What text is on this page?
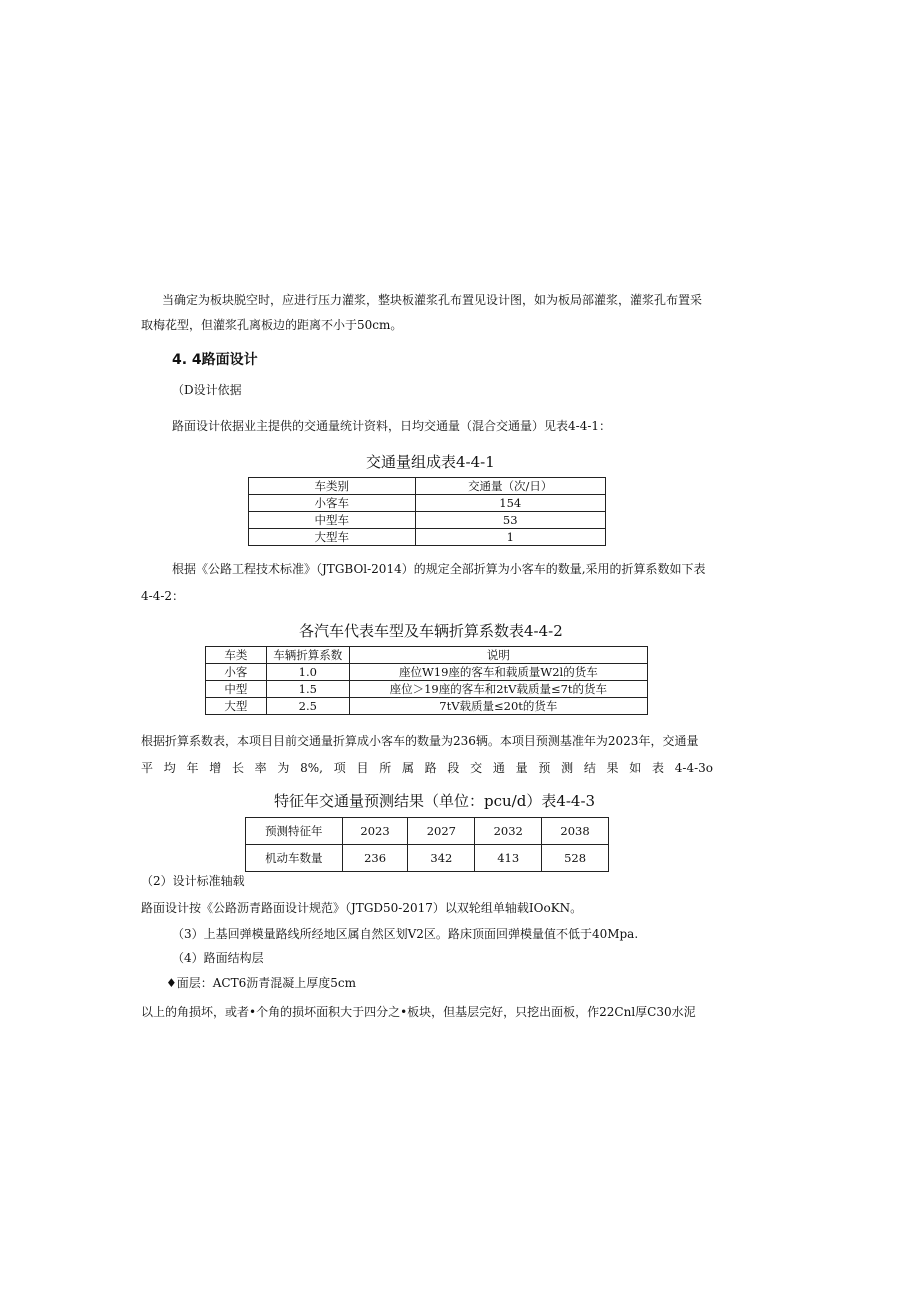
当确定为板块脱空时，应进行压力灌浆，整块板灌浆孔布置见设计图，如为板局部灌浆，灌浆孔布置采
取梅花型，但灌浆孔离板边的距离不小于50cm。
4. 4路面设计
（D设计依据
路面设计依据业主提供的交通量统计资料，日均交通量（混合交通量）见表4-4-1：
交通量组成表4-4-1
车类别	交通量（次/日）
小客车	154
中型车	53
大型车	1
根据《公路工程技术标准》（JTGBOl-2014）的规定全部折算为小客车的数量,采用的折算系数如下表
4-4-2：
各汽车代表车型及车辆折算系数表4-4-2
车类	车辆折算系数	说明
小客	1.0	座位W19座的客车和载质量W2l的货车
中型	1.5	座位＞19座的客车和2tV载质量≤7t的货车
大型	2.5	7tV载质量≤20t的货车
根据折算系数表，本项目目前交通量折算成小客车的数量为236辆。本项目预测基准年为2023年，交通量
平均年增长率为8%,项目所属路段交通量预测结果如表4-4-3o
特征年交通量预测结果（单位：pcu/d）表4-4-3
预测特征年	2023	2027	2032	2038
机动车数量	236	342	413	528
（2）设计标准轴载
路面设计按《公路沥青路面设计规范》（JTGD50-2017）以双轮组单轴载IOoKN。
（3）上基回弹模量路线所经地区属自然区划V2区。路床顶面回弹模量值不低于40Mpa.
（4）路面结构层
♦面层：ACT6沥青混凝上厚度5cm
以上的角损坏，或者•个角的损坏面积大于四分之•板块，但基层完好，只挖出面板，作22Cnl厚C30水泥
